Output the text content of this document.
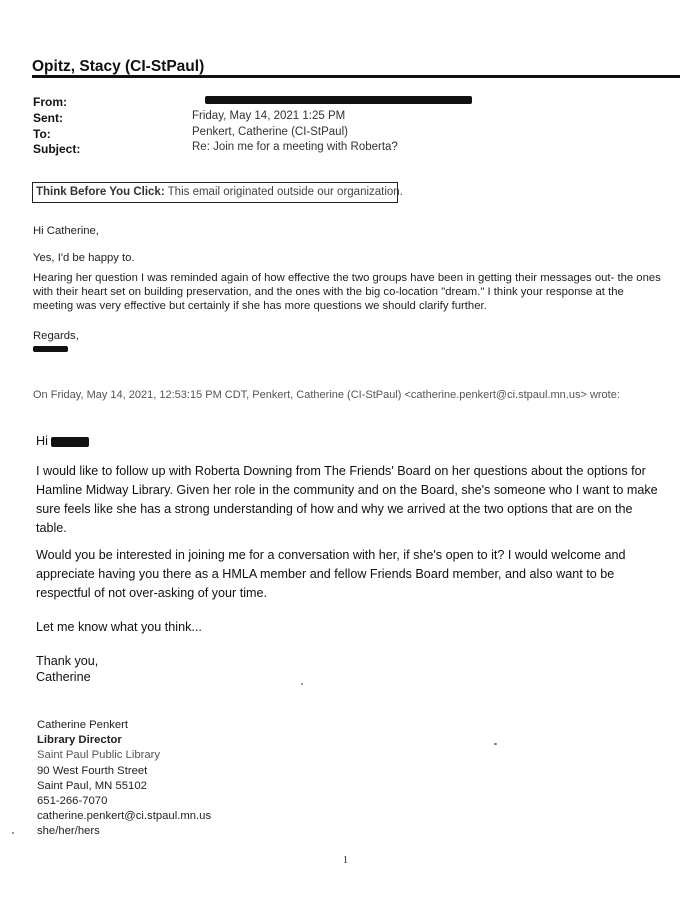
Opitz, Stacy (CI-StPaul)
From:
Sent:	Friday, May 14, 2021 1:25 PM
To:	Penkert, Catherine (CI-StPaul)
Subject:	Re: Join me for a meeting with Roberta?
Think Before You Click: This email originated outside our organization.
Hi Catherine,
Yes, I'd be happy to.
Hearing her question I was reminded again of how effective the two groups have been in getting their messages out- the ones with their heart set on building preservation, and the ones with the big co-location "dream." I think your response at the meeting was very effective but certainly if she has more questions we should clarify further.
Regards,
On Friday, May 14, 2021, 12:53:15 PM CDT, Penkert, Catherine (CI-StPaul) <catherine.penkert@ci.stpaul.mn.us> wrote:
Hi
I would like to follow up with Roberta Downing from The Friends' Board on her questions about the options for Hamline Midway Library. Given her role in the community and on the Board, she's someone who I want to make sure feels like she has a strong understanding of how and why we arrived at the two options that are on the table.
Would you be interested in joining me for a conversation with her, if she's open to it? I would welcome and appreciate having you there as a HMLA member and fellow Friends Board member, and also want to be respectful of not over-asking of your time.
Let me know what you think...
Thank you,
Catherine
Catherine Penkert
Library Director
Saint Paul Public Library
90 West Fourth Street
Saint Paul, MN 55102
651-266-7070
catherine.penkert@ci.stpaul.mn.us
she/her/hers
1
